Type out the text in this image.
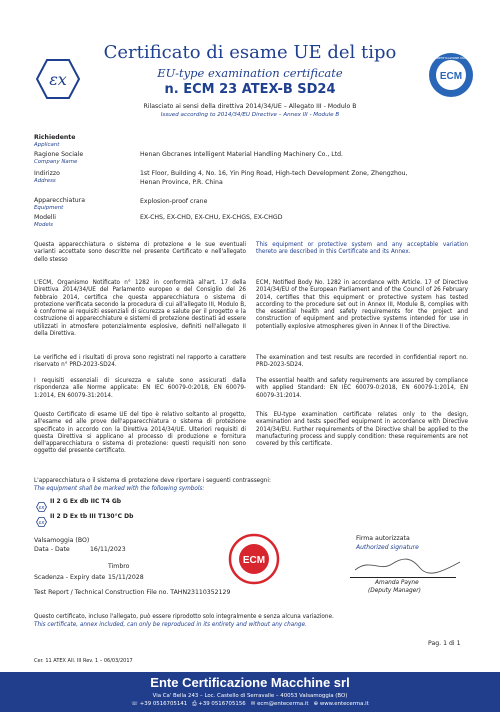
εx	ECM
ENTE CERTIFICAZIONE MACCHINE
Certificato di esame UE del tipo
EU-type examination certificate
n. ECM 23 ATEX-B SD24
Rilasciato ai sensi della direttiva 2014/34/UE – Allegato III - Modulo B
Issued according to 2014/34/EU Directive – Annex III - Module B
Richiedente
Applicant
Ragione Sociale
Company Name
Henan Gbcranes Intelligent Material Handling Machinery Co., Ltd.
Indirizzo
Address
1st Floor, Building 4, No. 16, Yin Ping Road, High-tech Development Zone, Zhengzhou,
Henan Province, P.R. China
Apparecchiatura
Equipment
Explosion-proof crane
Modelli
Models
EX-CHS, EX-CHD, EX-CHU, EX-CHGS, EX-CHGD
Questa apparecchiatura o sistema di protezione e le sue eventuali varianti accettate sono descritte nel presente Certificato e nell'allegato dello stesso
This equipment or protective system and any acceptable variation thereto are described in this Certificate and its Annex.
L'ECM, Organismo Notificato n° 1282 in conformità all'art. 17 della Direttiva 2014/34/UE del Parlamento europeo e del Consiglio del 26 febbraio 2014, certifica che questa apparecchiatura o sistema di protezione verificata secondo la procedura di cui all'allegato III, Modulo B, è conforme ai requisiti essenziali di sicurezza e salute per il progetto e la costruzione di apparecchiature e sistemi di protezione destinati ad essere utilizzati in atmosfere potenzialmente esplosive, definiti nell'allegato II della Direttiva.
ECM, Notified Body No. 1282 in accordance with Article. 17 of Directive 2014/34/EU of the European Parliament and of the Council of 26 February 2014, certifies that this equipment or protective system has tested according to the procedure set out in Annex III, Module B, complies with the essential health and safety requirements for the project and construction of equipment and protective systems intended for use in potentially explosive atmospheres given in Annex II of the Directive.
Le verifiche ed i risultati di prova sono registrati nel rapporto a carattere riservato n° PRD-2023-SD24.
The examination and test results are recorded in confidential report no. PRD-2023-SD24.
I requisiti essenziali di sicurezza e salute sono assicurati dalla rispondenza alle Norme applicate: EN IEC 60079-0:2018, EN 60079-1:2014, EN 60079-31:2014.
The essential health and safety requirements are assured by compliance with applied Standard: EN IEC 60079-0:2018, EN 60079-1:2014, EN 60079-31:2014.
Questo Certificato di esame UE del tipo è relativo soltanto al progetto, all'esame ed alle prove dell'apparecchiatura o sistema di protezione specificato in accordo con la Direttiva 2014/34/UE. Ulteriori requisiti di questa Direttiva si applicano al processo di produzione e fornitura dell'apparecchiatura o sistema di protezione: questi requisiti non sono oggetto del presente certificato.
This EU-type examination certificate relates only to the design, examination and tests specified equipment in accordance with Directive 2014/34/EU. Further requirements of the Directive shall be applied to the manufacturing process and supply condition: these requirements are not covered by this certificate.
L'apparecchiatura o il sistema di protezione deve riportare i seguenti contrassegni:
The equipment shall be marked with the following symbols:
εx
II 2 G Ex db IIC T4 Gb
εx
II 2 D Ex tb III T130°C Db
Valsamoggia (BO)
Data - Date	16/11/2023
Timbro
Scadenza - Expiry date 15/11/2028
Test Report / Technical Construction File no. TAHN23110352129
ECM
Firma autorizzata
Authorized signature
Amanda Payne
(Deputy Manager)
Questo certificato, incluso l'allegato, può essere riprodotto solo integralmente e senza alcuna variazione.
This certificate, annex included, can only be reproduced in its entirety and without any change.
Pag. 1 di 1
Cer. 11 ATEX All. III Rev. 1 – 06/03/2017
Ente Certificazione Macchine srl
Via Ca' Bella 243 – Loc. Castello di Serravalle – 40053 Valsamoggia (BO)
☏ +39 0516705141 ⎙ +39 0516705156 ✉ ecm@entecerma.it ⊕ www.entecerma.it
